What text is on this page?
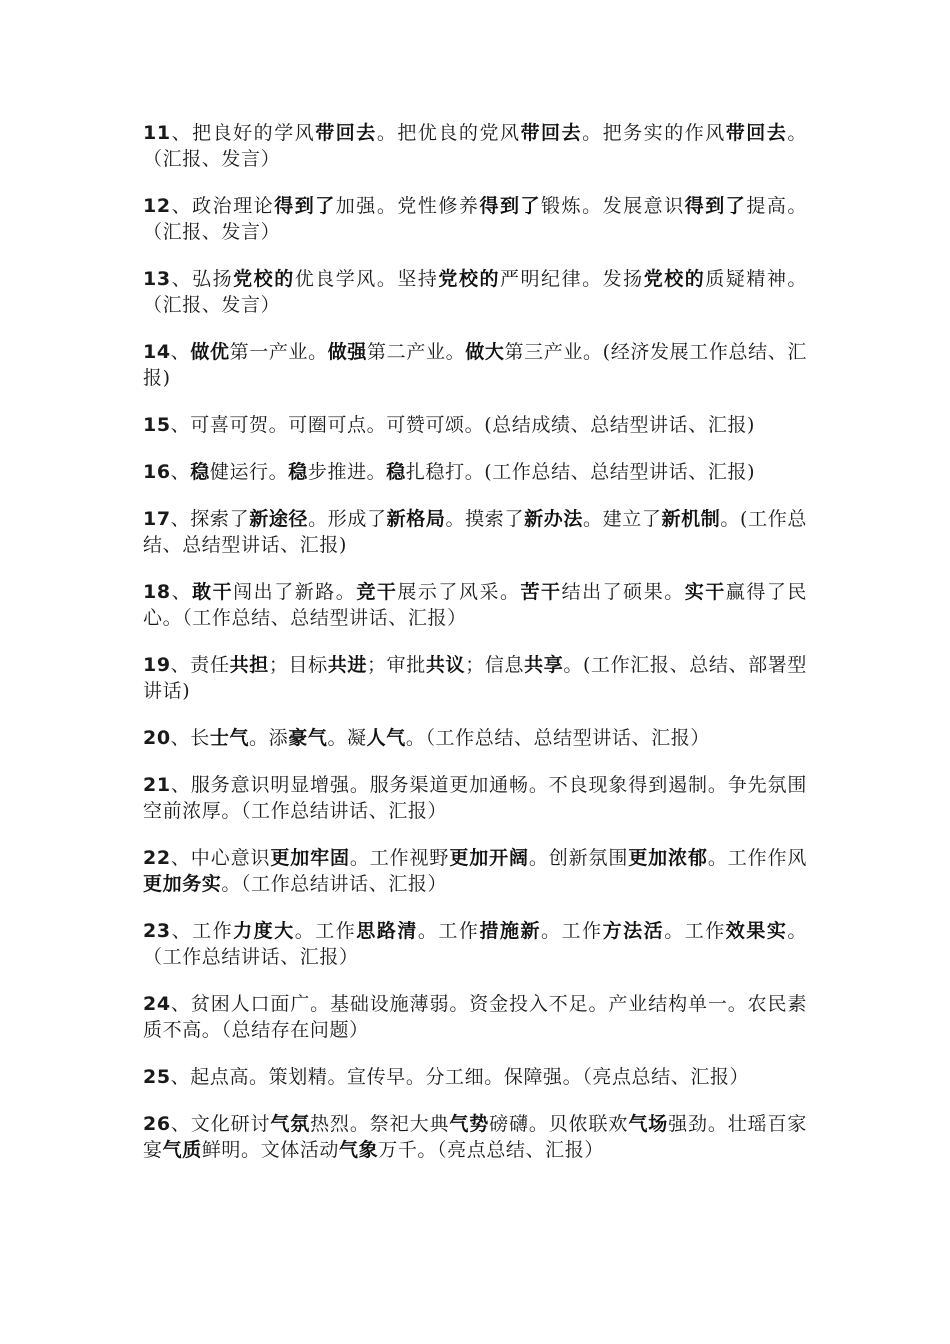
11、把良好的学风带回去。把优良的党风带回去。把务实的作风带回去。（汇报、发言）

12、政治理论得到了加强。党性修养得到了锻炼。发展意识得到了提高。（汇报、发言）

13、弘扬党校的优良学风。坚持党校的严明纪律。发扬党校的质疑精神。（汇报、发言）

14、做优第一产业。做强第二产业。做大第三产业。(经济发展工作总结、汇报)

15、可喜可贺。可圈可点。可赞可颂。(总结成绩、总结型讲话、汇报)

16、稳健运行。稳步推进。稳扎稳打。(工作总结、总结型讲话、汇报)

17、探索了新途径。形成了新格局。摸索了新办法。建立了新机制。(工作总结、总结型讲话、汇报)

18、敢干闯出了新路。竞干展示了风采。苦干结出了硕果。实干赢得了民心。（工作总结、总结型讲话、汇报）

19、责任共担；目标共进；审批共议；信息共享。(工作汇报、总结、部署型讲话)

20、长士气。添豪气。凝人气。（工作总结、总结型讲话、汇报）

21、服务意识明显增强。服务渠道更加通畅。不良现象得到遏制。争先氛围空前浓厚。（工作总结讲话、汇报）

22、中心意识更加牢固。工作视野更加开阔。创新氛围更加浓郁。工作作风更加务实。（工作总结讲话、汇报）

23、工作力度大。工作思路清。工作措施新。工作方法活。工作效果实。（工作总结讲话、汇报）

24、贫困人口面广。基础设施薄弱。资金投入不足。产业结构单一。农民素质不高。（总结存在问题）

25、起点高。策划精。宣传早。分工细。保障强。（亮点总结、汇报）

26、文化研讨气氛热烈。祭祀大典气势磅礴。贝侬联欢气场强劲。壮瑶百家宴气质鲜明。文体活动气象万千。（亮点总结、汇报）
